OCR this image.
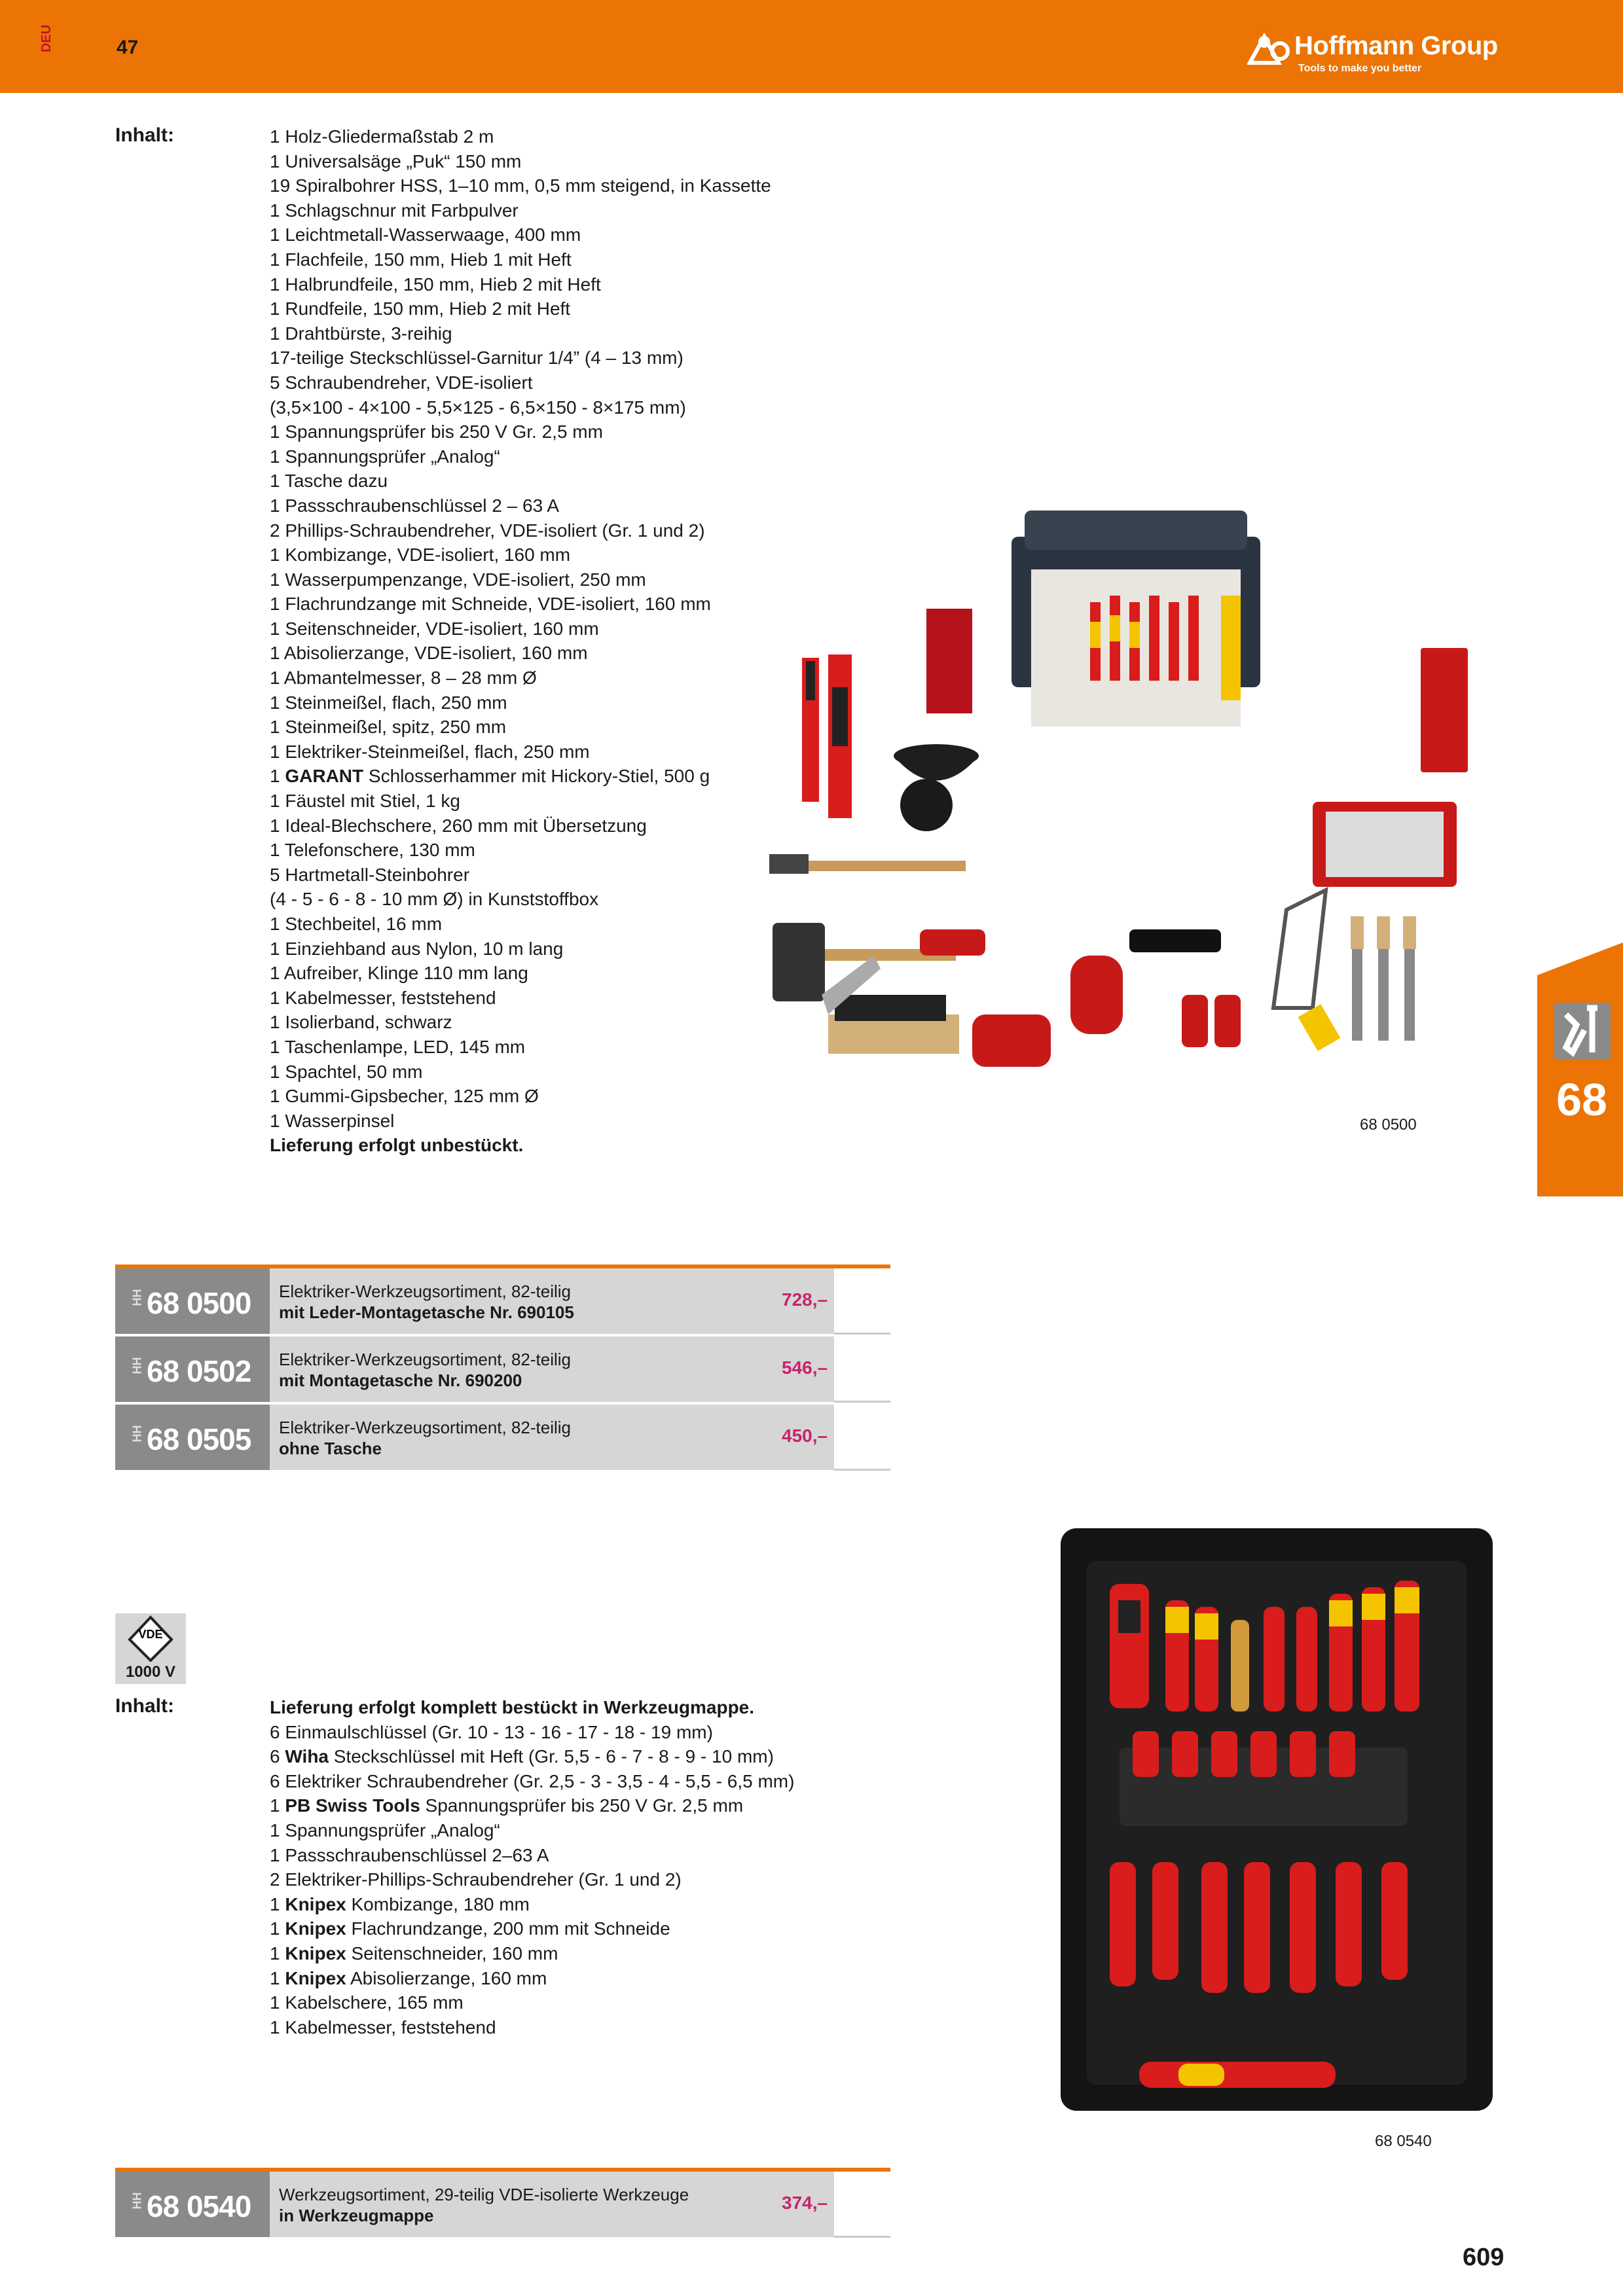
DEU	47	Hoffmann Group
Tools to make you better
Inhalt:	1 Holz-Gliedermaßstab 2 m
1 Universalsäge „Puk“ 150 mm
19 Spiralbohrer HSS, 1–10 mm, 0,5 mm steigend, in Kassette
1 Schlagschnur mit Farbpulver
1 Leichtmetall-Wasserwaage, 400 mm
1 Flachfeile, 150 mm, Hieb 1 mit Heft
1 Halbrundfeile, 150 mm, Hieb 2 mit Heft
1 Rundfeile, 150 mm, Hieb 2 mit Heft
1 Drahtbürste, 3-reihig
17-teilige Steckschlüssel-Garnitur 1/4” (4 – 13 mm)
5 Schraubendreher, VDE-isoliert
(3,5×100 - 4×100 - 5,5×125 - 6,5×150 - 8×175 mm)
1 Spannungsprüfer bis 250 V Gr. 2,5 mm
1 Spannungsprüfer „Analog“
1 Tasche dazu
1 Passschraubenschlüssel 2 – 63 A
2 Phillips-Schraubendreher, VDE-isoliert (Gr. 1 und 2)
1 Kombizange, VDE-isoliert, 160 mm
1 Wasserpumpenzange, VDE-isoliert, 250 mm
1 Flachrundzange mit Schneide, VDE-isoliert, 160 mm
1 Seitenschneider, VDE-isoliert, 160 mm
1 Abisolierzange, VDE-isoliert, 160 mm
1 Abmantelmesser, 8 – 28 mm Ø
1 Steinmeißel, flach, 250 mm
1 Steinmeißel, spitz, 250 mm
1 Elektriker-Steinmeißel, flach, 250 mm
1 GARANT Schlosserhammer mit Hickory-Stiel, 500 g
1 Fäustel mit Stiel, 1 kg
1 Ideal-Blechschere, 260 mm mit Übersetzung
1 Telefonschere, 130 mm
5 Hartmetall-Steinbohrer
(4 - 5 - 6 - 8 - 10 mm Ø) in Kunststoffbox
1 Stechbeitel, 16 mm
1 Einziehband aus Nylon, 10 m lang
1 Aufreiber, Klinge 110 mm lang
1 Kabelmesser, feststehend
1 Isolierband, schwarz
1 Taschenlampe, LED, 145 mm
1 Spachtel, 50 mm
1 Gummi-Gipsbecher, 125 mm Ø
1 Wasserpinsel
Lieferung erfolgt unbestückt.
68 0500	68
HH 68 0500 Elektriker-Werkzeugsortiment, 82-teilig
mit Leder-Montagetasche Nr. 690105
728,–
HH 68 0502 Elektriker-Werkzeugsortiment, 82-teilig
mit Montagetasche Nr. 690200
546,–
HH 68 0505 Elektriker-Werkzeugsortiment, 82-teilig
ohne Tasche
450,–
68 0540
VDE
1000 V
Inhalt:	Lieferung erfolgt komplett bestückt in Werkzeugmappe.
6 Einmaulschlüssel (Gr. 10 - 13 - 16 - 17 - 18 - 19 mm)
6 Wiha Steckschlüssel mit Heft (Gr. 5,5 - 6 - 7 - 8 - 9 - 10 mm)
6 Elektriker Schraubendreher (Gr. 2,5 - 3 - 3,5 - 4 - 5,5 - 6,5 mm)
1 PB Swiss Tools Spannungsprüfer bis 250 V Gr. 2,5 mm
1 Spannungsprüfer „Analog“
1 Passschraubenschlüssel 2–63 A
2 Elektriker-Phillips-Schraubendreher (Gr. 1 und 2)
1 Knipex Kombizange, 180 mm
1 Knipex Flachrundzange, 200 mm mit Schneide
1 Knipex Seitenschneider, 160 mm
1 Knipex Abisolierzange, 160 mm
1 Kabelschere, 165 mm
1 Kabelmesser, feststehend
HH 68 0540 Werkzeugsortiment, 29-teilig VDE-isolierte Werkzeuge
in Werkzeugmappe
374,–
609
